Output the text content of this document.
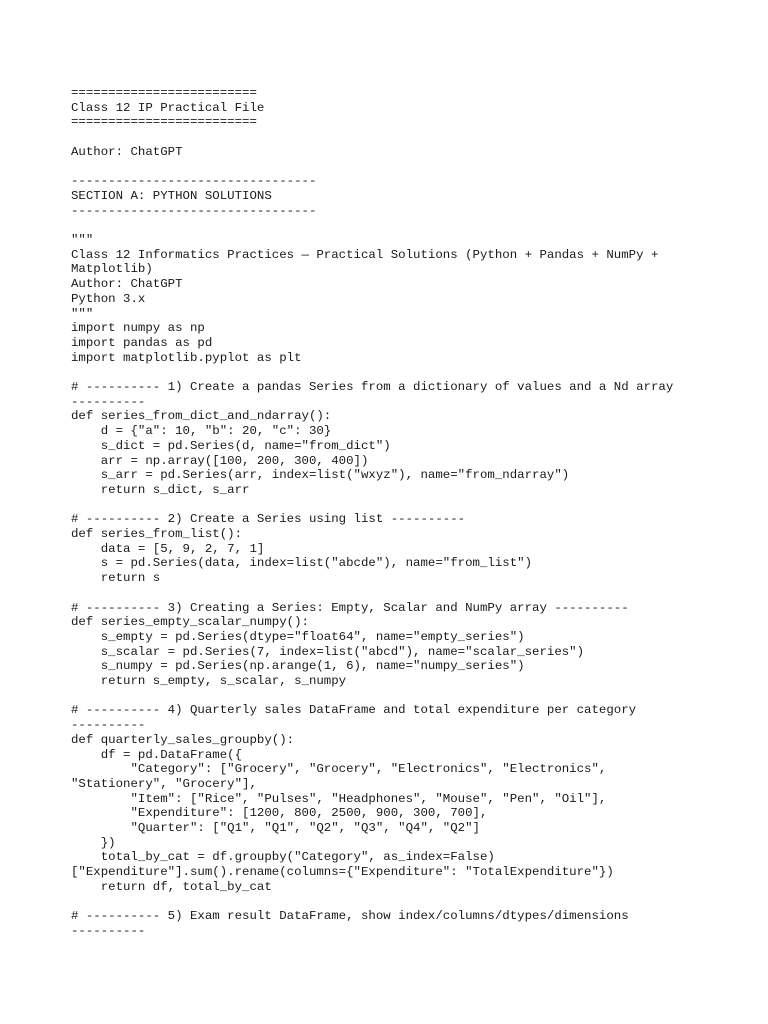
=========================
Class 12 IP Practical File
=========================
Author: ChatGPT
---------------------------------
SECTION A: PYTHON SOLUTIONS
---------------------------------
"""
Class 12 Informatics Practices — Practical Solutions (Python + Pandas + NumPy +
Matplotlib)
Author: ChatGPT
Python 3.x
"""
import numpy as np
import pandas as pd
import matplotlib.pyplot as plt
# ---------- 1) Create a pandas Series from a dictionary of values and a Nd array
----------
def series_from_dict_and_ndarray():
d = {"a": 10, "b": 20, "c": 30}
s_dict = pd.Series(d, name="from_dict")
arr = np.array([100, 200, 300, 400])
s_arr = pd.Series(arr, index=list("wxyz"), name="from_ndarray")
return s_dict, s_arr
# ---------- 2) Create a Series using list ----------
def series_from_list():
data = [5, 9, 2, 7, 1]
s = pd.Series(data, index=list("abcde"), name="from_list")
return s
# ---------- 3) Creating a Series: Empty, Scalar and NumPy array ----------
def series_empty_scalar_numpy():
s_empty = pd.Series(dtype="float64", name="empty_series")
s_scalar = pd.Series(7, index=list("abcd"), name="scalar_series")
s_numpy = pd.Series(np.arange(1, 6), name="numpy_series")
return s_empty, s_scalar, s_numpy
# ---------- 4) Quarterly sales DataFrame and total expenditure per category
----------
def quarterly_sales_groupby():
df = pd.DataFrame({
"Category": ["Grocery", "Grocery", "Electronics", "Electronics",
"Stationery", "Grocery"],
"Item": ["Rice", "Pulses", "Headphones", "Mouse", "Pen", "Oil"],
"Expenditure": [1200, 800, 2500, 900, 300, 700],
"Quarter": ["Q1", "Q1", "Q2", "Q3", "Q4", "Q2"]
})
total_by_cat = df.groupby("Category", as_index=False)
["Expenditure"].sum().rename(columns={"Expenditure": "TotalExpenditure"})
return df, total_by_cat
# ---------- 5) Exam result DataFrame, show index/columns/dtypes/dimensions
----------
